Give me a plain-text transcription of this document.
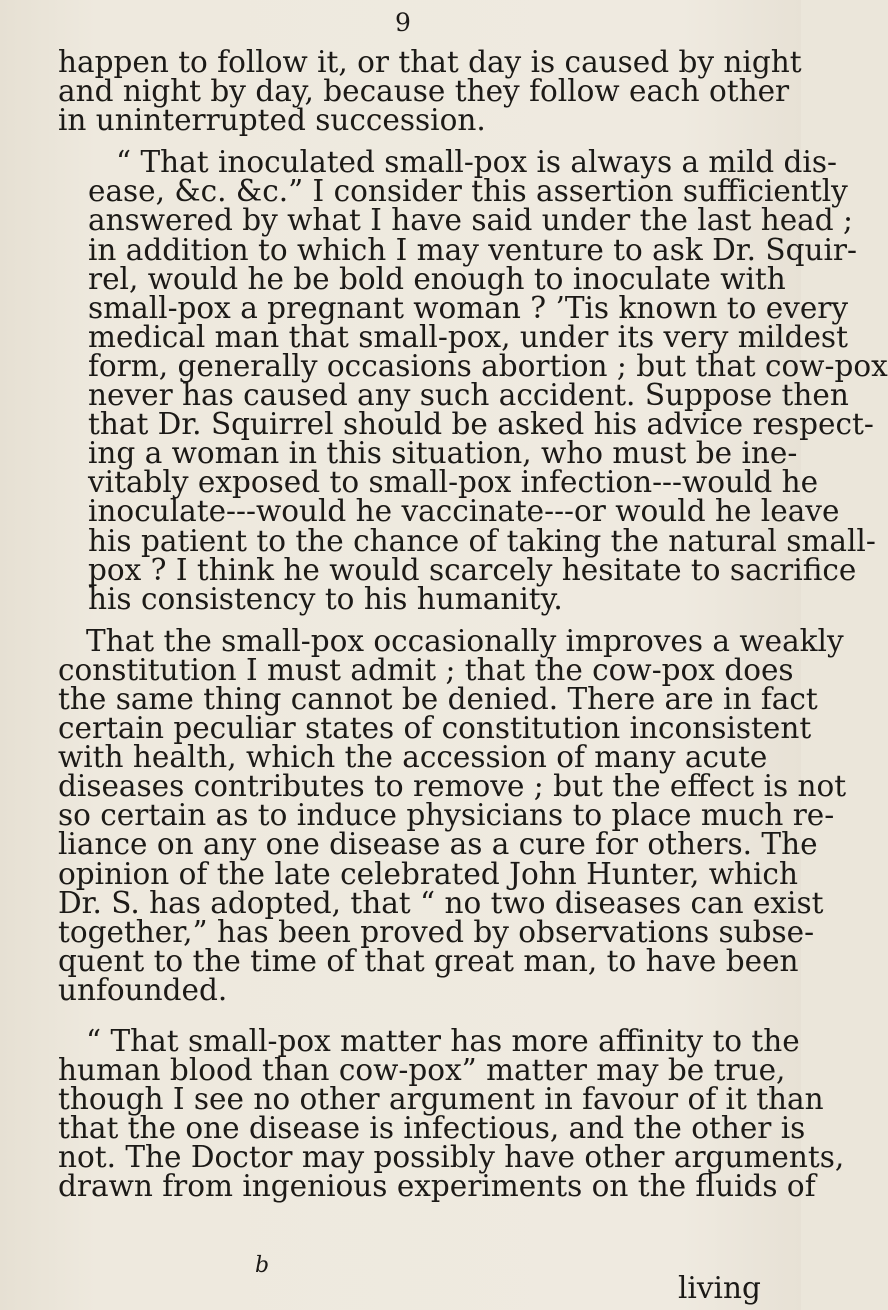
9
happen to follow it, or that day is caused by night
and night by day, because they follow each other
in uninterrupted succession.
“ That inoculated small-pox is always a mild dis-
ease, &c. &c.” I consider this assertion sufficiently
answered by what I have said under the last head ;
in addition to which I may venture to ask Dr. Squir-
rel, would he be bold enough to inoculate with
small-pox a pregnant woman ? ’Tis known to every
medical man that small-pox, under its very mildest
form, generally occasions abortion ; but that cow-pox
never has caused any such accident. Suppose then
that Dr. Squirrel should be asked his advice respect-
ing a woman in this situation, who must be ine-
vitably exposed to small-pox infection---would he
inoculate---would he vaccinate---or would he leave
his patient to the chance of taking the natural small-
pox ? I think he would scarcely hesitate to sacrifice
his consistency to his humanity.
That the small-pox occasionally improves a weakly
constitution I must admit ; that the cow-pox does
the same thing cannot be denied. There are in fact
certain peculiar states of constitution inconsistent
with health, which the accession of many acute
diseases contributes to remove ; but the effect is not
so certain as to induce physicians to place much re-
liance on any one disease as a cure for others. The
opinion of the late celebrated John Hunter, which
Dr. S. has adopted, that “ no two diseases can exist
together,” has been proved by observations subse-
quent to the time of that great man, to have been
unfounded.
“ That small-pox matter has more affinity to the
human blood than cow-pox” matter may be true,
though I see no other argument in favour of it than
that the one disease is infectious, and the other is
not. The Doctor may possibly have other arguments,
drawn from ingenious experiments on the fluids of
b
living
